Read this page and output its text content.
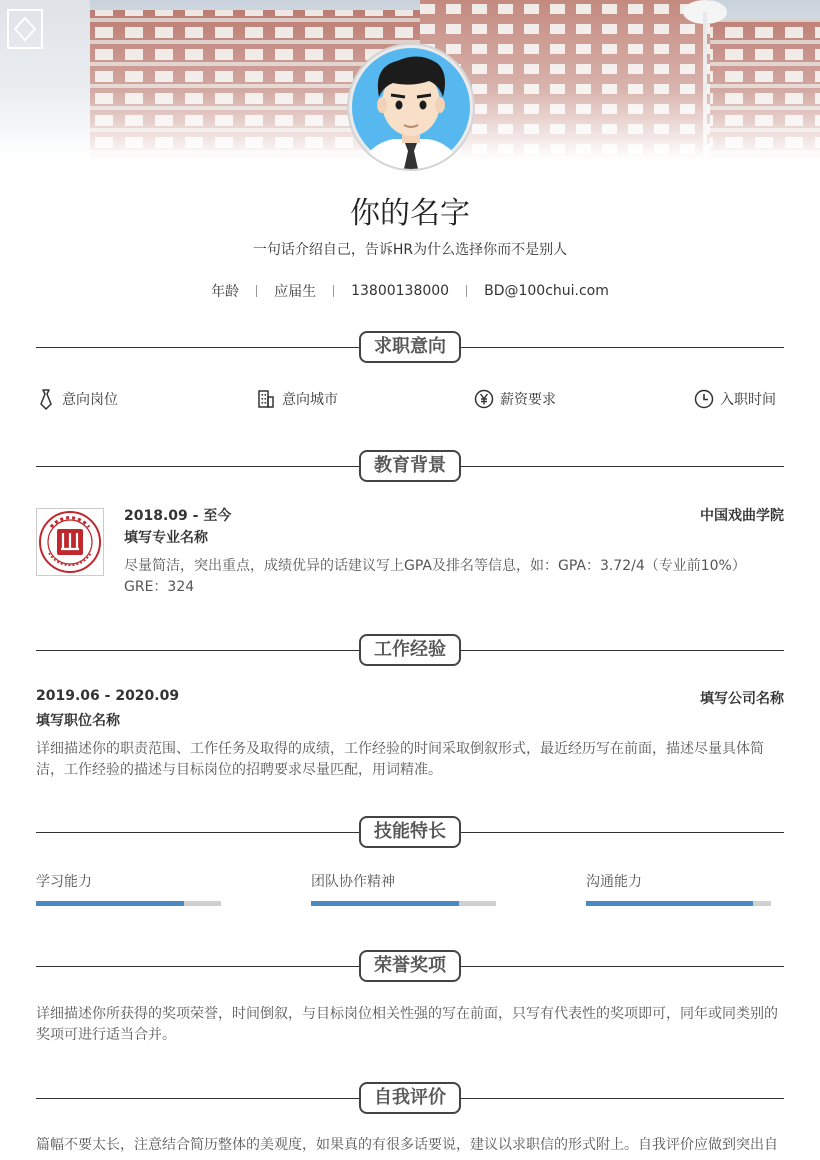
你的名字
一句话介绍自己，告诉HR为什么选择你而不是别人
年龄	应届生	13800138000	BD@100chui.com
求职意向
意向岗位	意向城市	薪资要求	入职时间
教育背景
2018.09 - 至今	中国戏曲学院
填写专业名称
尽量简洁，突出重点，成绩优异的话建议写上GPA及排名等信息，如：GPA：3.72/4（专业前10%） GRE：324
工作经验
2019.06 - 2020.09	填写公司名称
填写职位名称
详细描述你的职责范围、工作任务及取得的成绩，工作经验的时间采取倒叙形式，最近经历写在前面，描述尽量具体简洁，工作经验的描述与目标岗位的招聘要求尽量匹配，用词精准。
技能特长
学习能力	团队协作精神	沟通能力
荣誉奖项
详细描述你所获得的奖项荣誉，时间倒叙，与目标岗位相关性强的写在前面，只写有代表性的奖项即可，同年或同类别的奖项可进行适当合并。
自我评价
篇幅不要太长，注意结合简历整体的美观度，如果真的有很多话要说，建议以求职信的形式附上。自我评价应做到突出自
